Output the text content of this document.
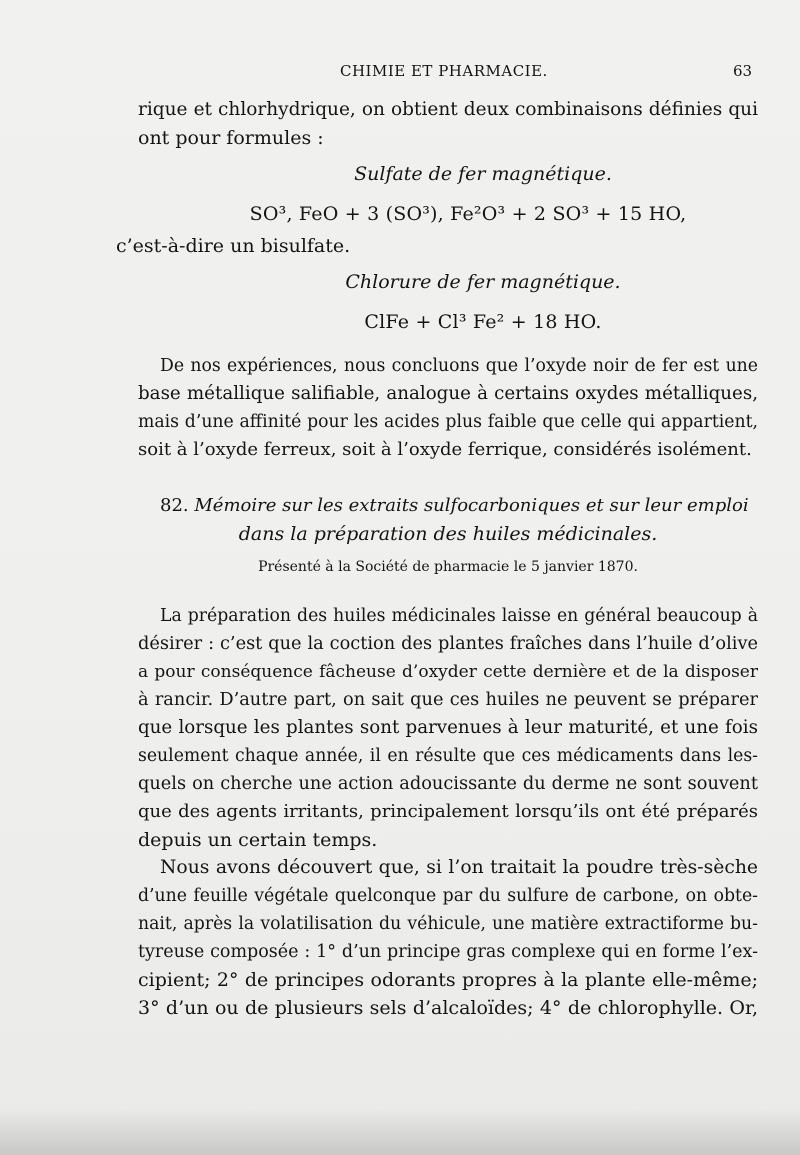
CHIMIE ET PHARMACIE.	63
rique et chlorhydrique, on obtient deux combinaisons définies qui
ont pour formules :
Sulfate de fer magnétique.
SO³, FeO + 3 (SO³), Fe²O³ + 2 SO³ + 15 HO,
c’est-à-dire un bisulfate.
Chlorure de fer magnétique.
ClFe + Cl³ Fe² + 18 HO.
De nos expériences, nous concluons que l’oxyde noir de fer est une
base métallique salifiable, analogue à certains oxydes métalliques,
mais d’une affinité pour les acides plus faible que celle qui appartient,
soit à l’oxyde ferreux, soit à l’oxyde ferrique, considérés isolément.
82. Mémoire sur les extraits sulfocarboniques et sur leur emploi
dans la préparation des huiles médicinales.
Présenté à la Société de pharmacie le 5 janvier 1870.
La préparation des huiles médicinales laisse en général beaucoup à
désirer : c’est que la coction des plantes fraîches dans l’huile d’olive
a pour conséquence fâcheuse d’oxyder cette dernière et de la disposer
à rancir. D’autre part, on sait que ces huiles ne peuvent se préparer
que lorsque les plantes sont parvenues à leur maturité, et une fois
seulement chaque année, il en résulte que ces médicaments dans les-
quels on cherche une action adoucissante du derme ne sont souvent
que des agents irritants, principalement lorsqu’ils ont été préparés
depuis un certain temps.
Nous avons découvert que, si l’on traitait la poudre très-sèche
d’une feuille végétale quelconque par du sulfure de carbone, on obte-
nait, après la volatilisation du véhicule, une matière extractiforme bu-
tyreuse composée : 1° d’un principe gras complexe qui en forme l’ex-
cipient; 2° de principes odorants propres à la plante elle-même;
3° d’un ou de plusieurs sels d’alcaloïdes; 4° de chlorophylle. Or,
